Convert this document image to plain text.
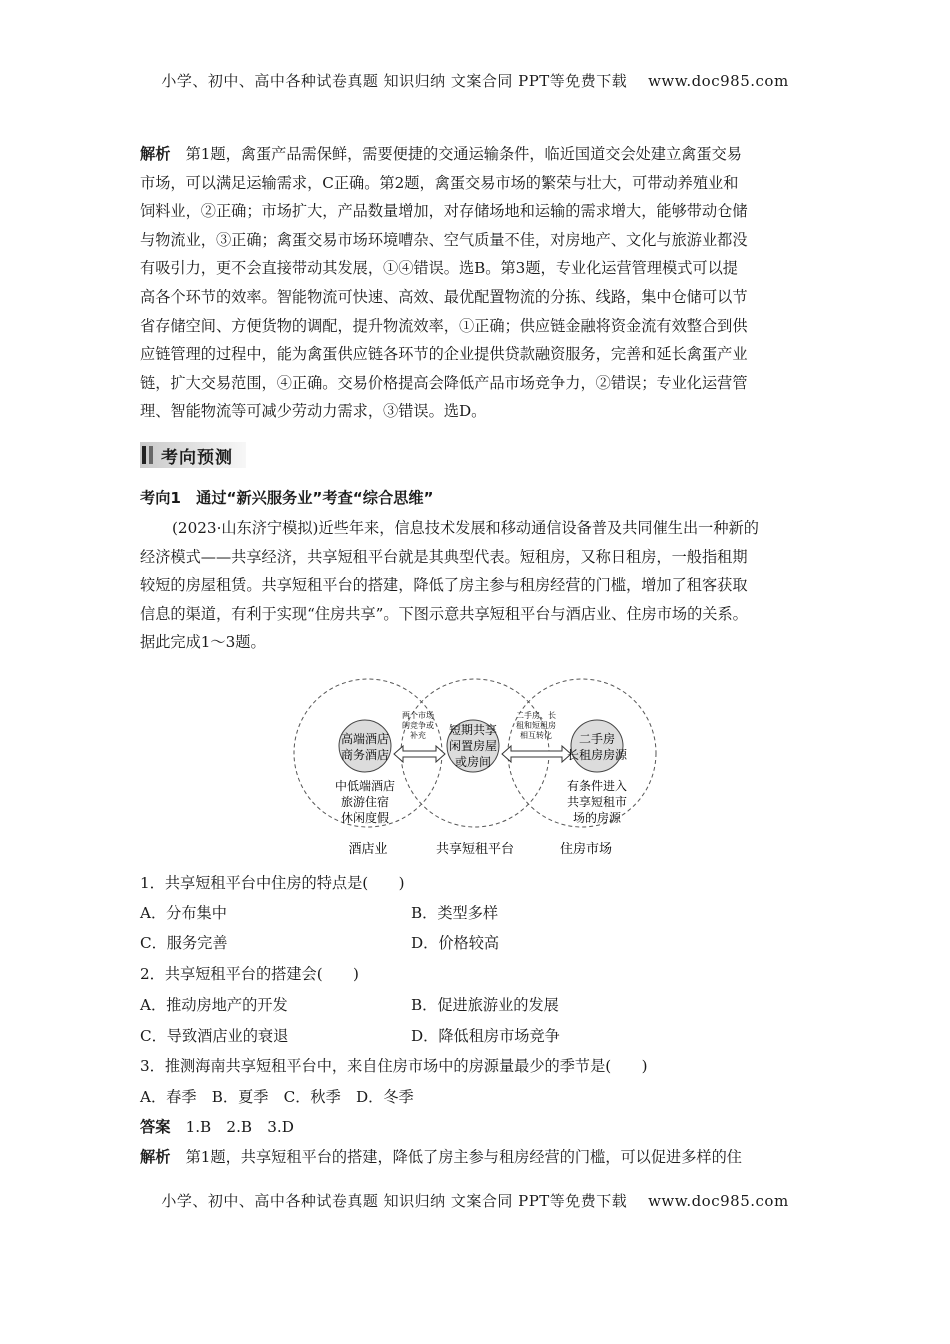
小学、初中、高中各种试卷真题 知识归纳 文案合同 PPT等免费下载　 www.doc985.com

解析　 第1题，禽蛋产品需保鲜，需要便捷的交通运输条件，临近国道交会处建立禽蛋交易

市场，可以满足运输需求，C正确。第2题，禽蛋交易市场的繁荣与壮大，可带动养殖业和

饲料业，②正确；市场扩大，产品数量增加，对存储场地和运输的需求增大，能够带动仓储

与物流业，③正确；禽蛋交易市场环境嘈杂、空气质量不佳，对房地产、文化与旅游业都没

有吸引力，更不会直接带动其发展，①④错误。选B。第3题，专业化运营管理模式可以提

高各个环节的效率。智能物流可快速、高效、最优配置物流的分拣、线路，集中仓储可以节

省存储空间、方便货物的调配，提升物流效率，①正确；供应链金融将资金流有效整合到供

应链管理的过程中，能为禽蛋供应链各环节的企业提供贷款融资服务，完善和延长禽蛋产业

链，扩大交易范围，④正确。交易价格提高会降低产品市场竞争力，②错误；专业化运营管

理、智能物流等可减少劳动力需求，③错误。选D。

考向预测

考向1　 通过“新兴服务业”考查“综合思维”

(2023·山东济宁模拟)近些年来，信息技术发展和移动通信设备普及共同催生出一种新的

经济模式——共享经济，共享短租平台就是其典型代表。短租房，又称日租房，一般指租期

较短的房屋租赁。共享短租平台的搭建，降低了房主参与租房经营的门槛，增加了租客获取

信息的渠道，有利于实现“住房共享”。下图示意共享短租平台与酒店业、住房市场的关系。

据此完成1～3题。

高端酒店
商务酒店
短期共享
闲置房屋
或房间
二手房
长租房房源
中低端酒店
旅游住宿
休闲度假
有条件进入
共享短租市
场的房源
两个市场
的竞争或
补充
二手房、长
租和短租房
相互转化
酒店业	共享短租平台	住房市场
1．共享短租平台中住房的特点是(　　)
A．分布集中	B．类型多样
C．服务完善	D．价格较高
2．共享短租平台的搭建会(　　)
A．推动房地产的开发	B．促进旅游业的发展
C．导致酒店业的衰退	D．降低租房市场竞争
3．推测海南共享短租平台中，来自住房市场中的房源量最少的季节是(　　)
A．春季　B．夏季　C．秋季　D．冬季
答案　 1.B　2.B　3.D
解析　 第1题，共享短租平台的搭建，降低了房主参与租房经营的门槛，可以促进多样的住
小学、初中、高中各种试卷真题 知识归纳 文案合同 PPT等免费下载　 www.doc985.com
